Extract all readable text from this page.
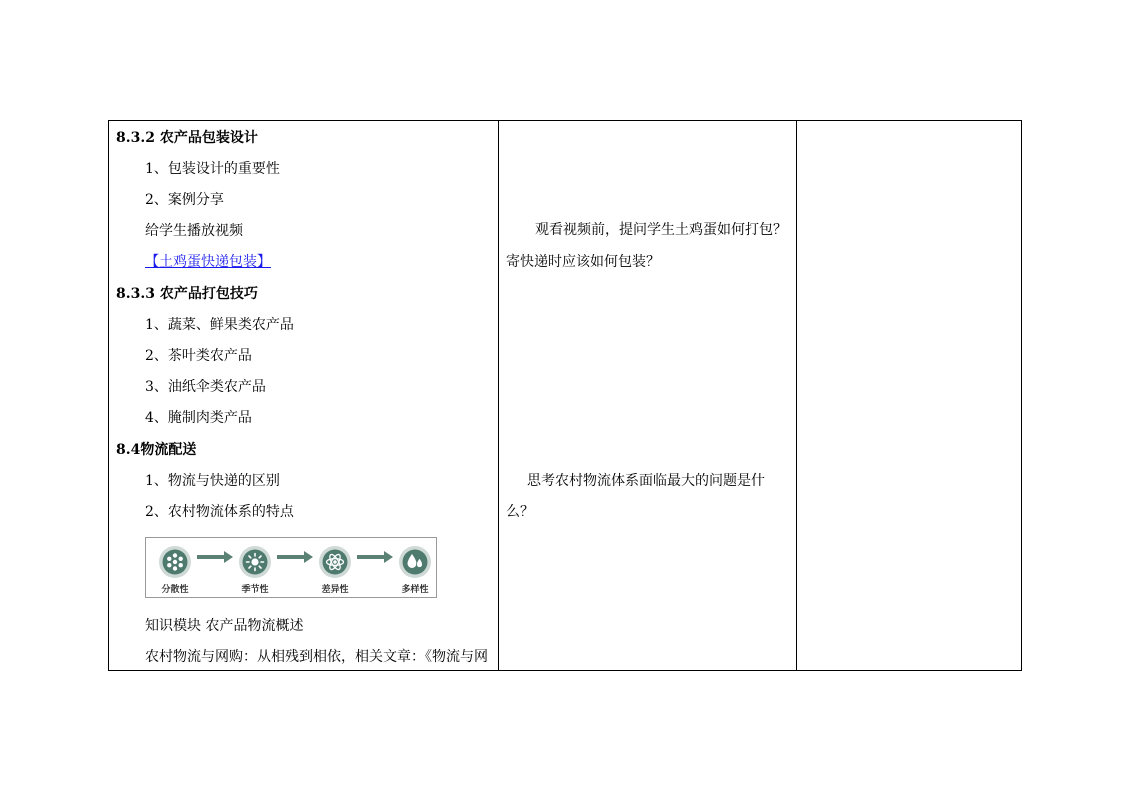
8.3.2 农产品包装设计
1、包装设计的重要性
2、案例分享
给学生播放视频
【土鸡蛋快递包装】
8.3.3 农产品打包技巧
1、蔬菜、鲜果类农产品
2、茶叶类农产品
3、油纸伞类农产品
4、腌制肉类产品
8.4物流配送
1、物流与快递的区别
2、农村物流体系的特点
分散性	季节性	差异性	多样性
知识模块 农产品物流概述
农村物流与网购：从相残到相依，相关文章：《物流与网
观看视频前，提问学生土鸡蛋如何打包？
寄快递时应该如何包装？
思考农村物流体系面临最大的问题是什
么？
